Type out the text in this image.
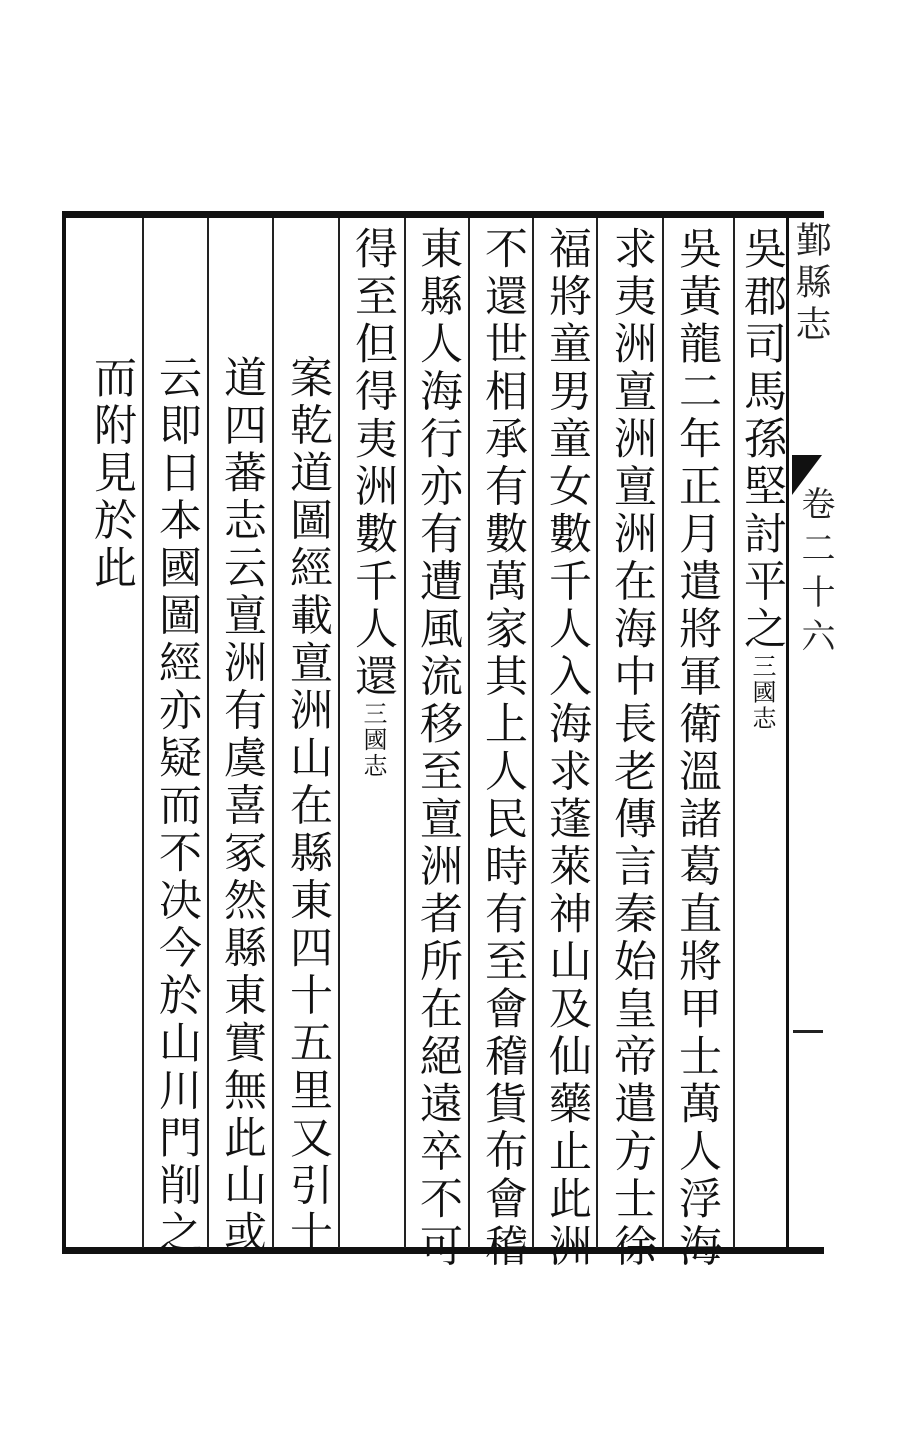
鄞縣志
卷二十六
吳郡司馬孫堅討平之三國志
吳黃龍二年正月遣將軍衛溫諸葛直將甲士萬人浮海
求夷洲亶洲亶洲在海中長老傳言秦始皇帝遣方士徐
福將童男童女數千人入海求蓬萊神山及仙藥止此洲
不還世相承有數萬家其上人民時有至會稽貨布會稽
東縣人海行亦有遭風流移至亶洲者所在絕遠卒不可
得至但得夷洲數千人還三國志
案乾道圖經載亶洲山在縣東四十五里又引十
道四蕃志云亶洲有虞喜冢然縣東實無此山或
云即日本國圖經亦疑而不决今於山川門削之
而附見於此
